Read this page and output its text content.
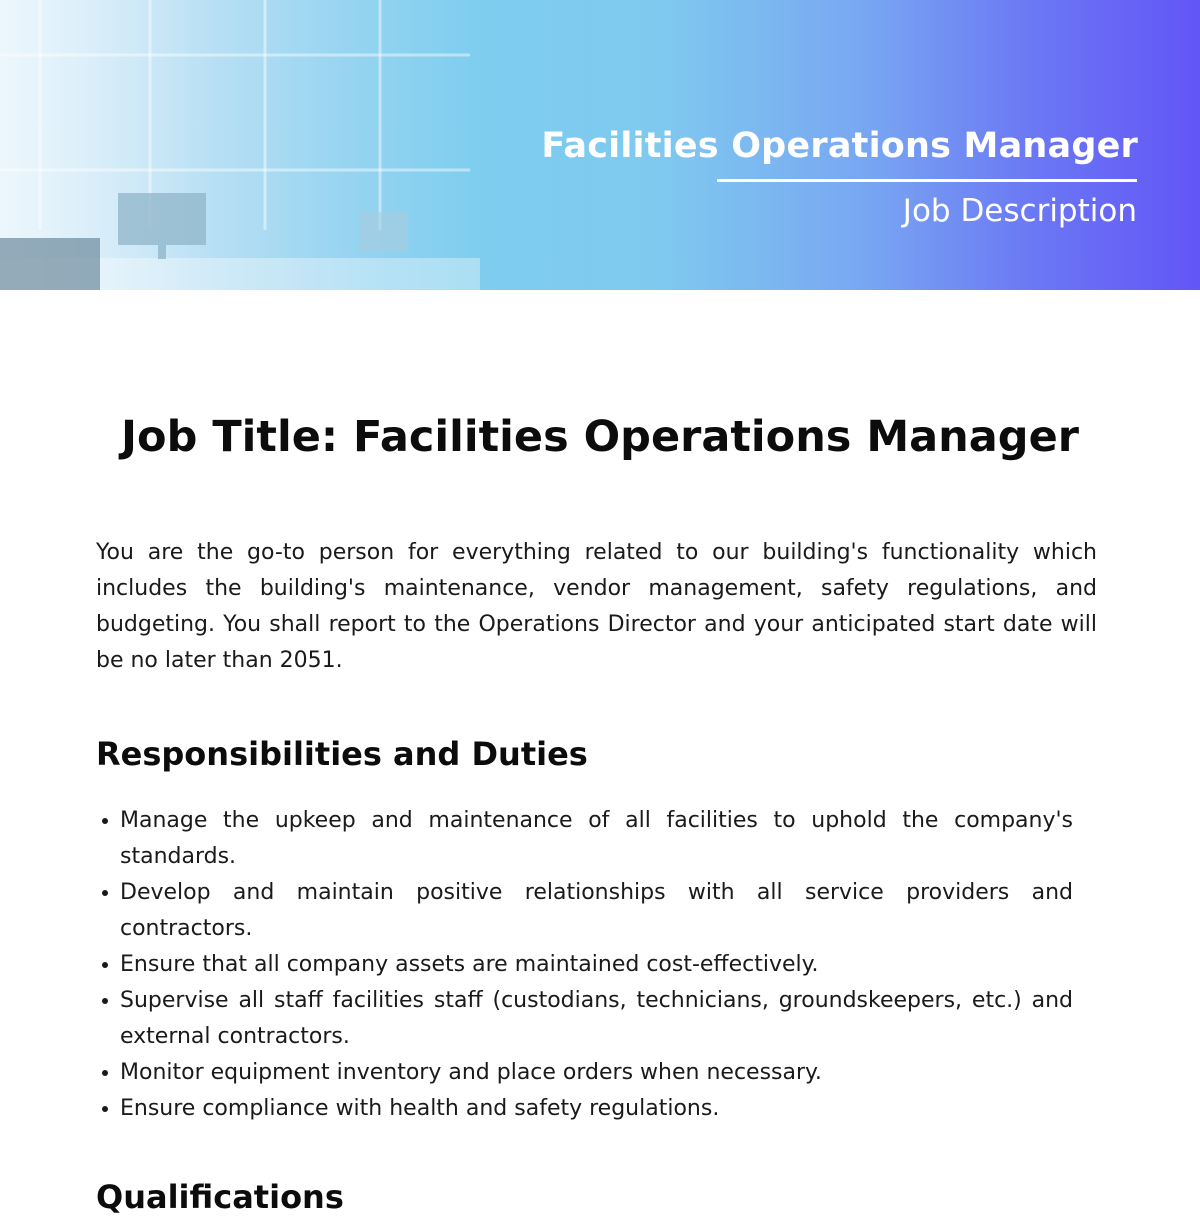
Facilities Operations Manager
Job Description
Job Title: Facilities Operations Manager

You are the go-to person for everything related to our building's functionality which includes the building's maintenance, vendor management, safety regulations, and budgeting. You shall report to the Operations Director and your anticipated start date will be no later than 2051.

Responsibilities and Duties
Manage the upkeep and maintenance of all facilities to uphold the company's standards.
Develop and maintain positive relationships with all service providers and contractors.
Ensure that all company assets are maintained cost-effectively.
Supervise all staff facilities staff (custodians, technicians, groundskeepers, etc.) and external contractors.
Monitor equipment inventory and place orders when necessary.
Ensure compliance with health and safety regulations.
Qualifications
